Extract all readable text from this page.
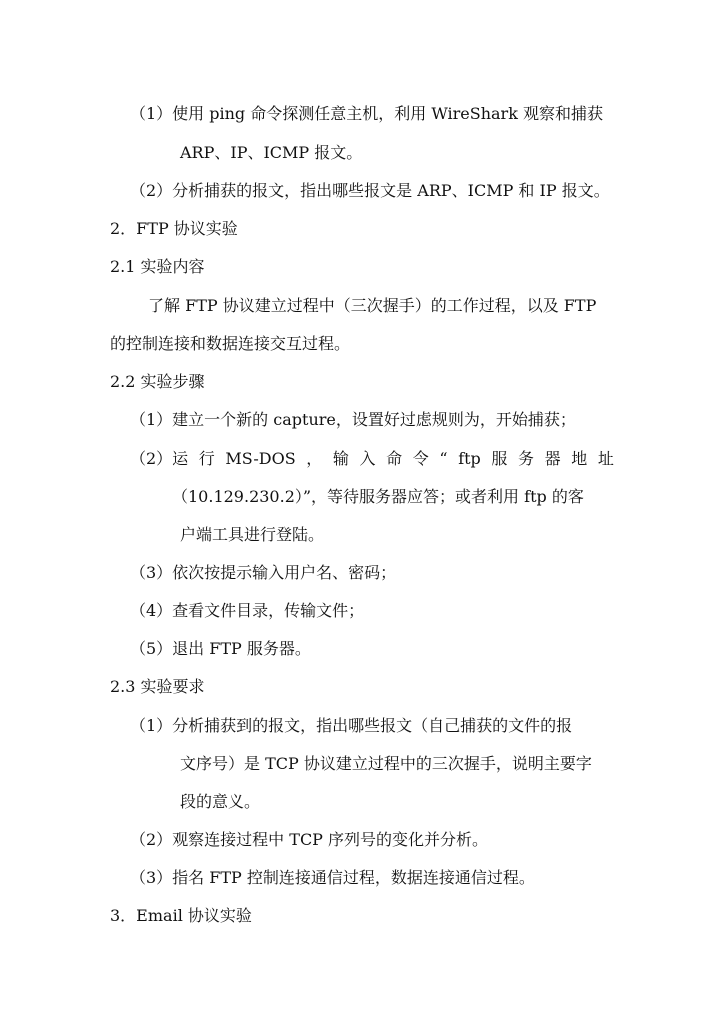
（1）使用 ping 命令探测任意主机，利用 WireShark 观察和捕获
ARP、IP、ICMP 报文。
（2）分析捕获的报文，指出哪些报文是 ARP、ICMP 和 IP 报文。
2．FTP 协议实验
2.1 实验内容
了解 FTP 协议建立过程中（三次握手）的工作过程，以及 FTP
的控制连接和数据连接交互过程。
2.2 实验步骤
（1）建立一个新的 capture，设置好过虑规则为，开始捕获；
（2）运 行 MS-DOS ， 输 入 命 令 “ ftp 服 务 器 地 址
（10.129.230.2）”，等待服务器应答；或者利用 ftp 的客
户端工具进行登陆。
（3）依次按提示输入用户名、密码；
（4）查看文件目录，传输文件；
（5）退出 FTP 服务器。
2.3 实验要求
（1）分析捕获到的报文，指出哪些报文（自己捕获的文件的报
文序号）是 TCP 协议建立过程中的三次握手，说明主要字
段的意义。
（2）观察连接过程中 TCP 序列号的变化并分析。
（3）指名 FTP 控制连接通信过程，数据连接通信过程。
3．Email 协议实验
